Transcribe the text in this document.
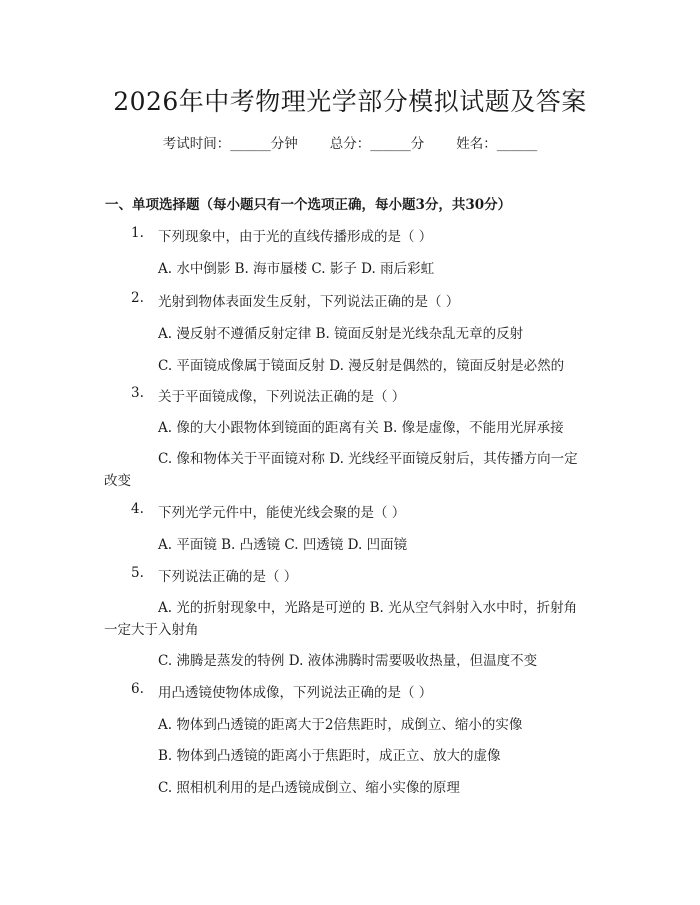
2026年中考物理光学部分模拟试题及答案
考试时间：______分钟 总分：______分 姓名：______
一、单项选择题（每小题只有一个选项正确，每小题3分，共30分）
1. 下列现象中，由于光的直线传播形成的是（ ）
A. 水中倒影 B. 海市蜃楼 C. 影子 D. 雨后彩虹
2. 光射到物体表面发生反射，下列说法正确的是（ ）
A. 漫反射不遵循反射定律 B. 镜面反射是光线杂乱无章的反射
C. 平面镜成像属于镜面反射 D. 漫反射是偶然的，镜面反射是必然的
3. 关于平面镜成像，下列说法正确的是（ ）
A. 像的大小跟物体到镜面的距离有关 B. 像是虚像，不能用光屏承接
C. 像和物体关于平面镜对称 D. 光线经平面镜反射后，其传播方向一定
改变
4. 下列光学元件中，能使光线会聚的是（ ）
A. 平面镜 B. 凸透镜 C. 凹透镜 D. 凹面镜
5. 下列说法正确的是（ ）
A. 光的折射现象中，光路是可逆的 B. 光从空气斜射入水中时，折射角
一定大于入射角
C. 沸腾是蒸发的特例 D. 液体沸腾时需要吸收热量，但温度不变
6. 用凸透镜使物体成像，下列说法正确的是（ ）
A. 物体到凸透镜的距离大于2倍焦距时，成倒立、缩小的实像
B. 物体到凸透镜的距离小于焦距时，成正立、放大的虚像
C. 照相机利用的是凸透镜成倒立、缩小实像的原理
